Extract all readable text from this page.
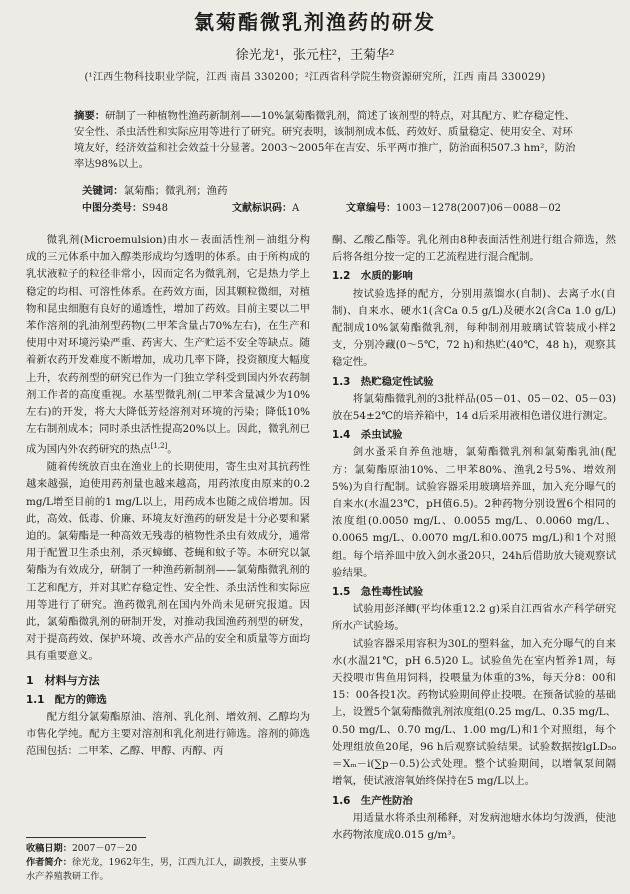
氯菊酯微乳剂渔药的研发

徐光龙¹，张元柱²，王菊华²

(¹江西生物科技职业学院，江西 南昌 330200；²江西省科学院生物资源研究所，江西 南昌 330029)

摘要：研制了一种植物性渔药新制剂——10%氯菊酯微乳剂，简述了该剂型的特点，对其配方、贮存稳定性、安全性、杀虫活性和实际应用等进行了研究。研究表明，该制剂成本低、药效好、质量稳定、使用安全、对环境友好，经济效益和社会效益十分显著。2003～2005年在吉安、乐平两市推广，防治面积507.3 hm²，防治率达98%以上。

关键词：氯菊酯；微乳剂；渔药

中图分类号：S948	文献标识码：A	文章编号：1003－1278(2007)06－0088－02

微乳剂(Microemulsion)由水－表面活性剂－油组分构成的三元体系中加入醇类形成均匀透明的体系。由于所构成的乳状液粒子的粒径非常小，因而定名为微乳剂，它是热力学上稳定的均相、可溶性体系。在药效方面，因其颗粒微细，对植物和昆虫细胞有良好的通透性，增加了药效。目前主要以二甲苯作溶剂的乳油剂型药物(二甲苯含量占70%左右)，在生产和使用中对环境污染严重、药害大、生产贮运不安全等缺点。随着新农药开发难度不断增加，成功几率下降，投资额度大幅度上升，农药剂型的研究已作为一门独立学科受到国内外农药制剂工作者的高度重视。水基型微乳剂(二甲苯含量减少为10%左右)的开发，将大大降低芳烃溶剂对环境的污染；降低10%左右制剂成本；同时杀虫活性提高20%以上。因此，微乳剂已成为国内外农药研究的热点[1,2]。

随着传统放百虫在渔业上的长期使用，寄生虫对其抗药性越来越强，迫使用药剂量也越来越高，用药浓度由原来的0.2 mg/L增至目前的1 mg/L以上，用药成本也随之成倍增加。因此，高效、低毒、价廉、环境友好渔药的研发是十分必要和紧迫的。氯菊酯是一种高效无残毒的植物性杀虫有效成分，通常用于配置卫生杀虫剂，杀灭蟑螂、苍蝇和蚊子等。本研究以氯菊酯为有效成分，研制了一种渔药新制剂——氯菊酯微乳剂的工艺和配方，并对其贮存稳定性、安全性、杀虫活性和实际应用等进行了研究。渔药微乳剂在国内外尚未见研究报道。因此，氯菊酯微乳剂的研制开发，对推动我国渔药剂型的研发，对于提高药效、保护环境、改善水产品的安全和质量等方面均具有重要意义。

1　材料与方法
1.1　配方的筛选

配方组分氯菊酯原油、溶剂、乳化剂、增效剂、乙醇均为市售化学纯。配方主要对溶剂和乳化剂进行筛选。溶剂的筛选范围包括：二甲苯、乙醇、甲醇、丙醇、丙

酮、乙酸乙酯等。乳化剂由8种表面活性剂进行组合筛选，然后将各组分按一定的工艺流程进行混合配制。

1.2　水质的影响

按试验选择的配方，分别用蒸馏水(自制)、去离子水(自制)、自来水、硬水1(含Ca 0.5 g/L)及硬水2(含Ca 1.0 g/L)配制成10%氯菊酯微乳剂，每种制剂用玻璃试管装成小样2支，分别冷藏(0～5℃，72 h)和热贮(40℃，48 h)，观察其稳定性。

1.3　热贮稳定性试验

将氯菊酯微乳剂的3批样品(05－01、05－02、05－03)放在54±2℃的培养箱中，14 d后采用液相色谱仪进行测定。

1.4　杀虫试验

剑水蚤采自养鱼池塘，氯菊酯微乳剂和氯菊酯乳油(配方：氯菊酯原油10%、二甲苯80%、渔乳2号5%、增效剂5%)为自行配制。试验容器采用玻璃培养皿，加入充分曝气的自来水(水温23℃，pH值6.5)。2种药物分别设置6个相同的浓度组(0.0050 mg/L、0.0055 mg/L、0.0060 mg/L、0.0065 mg/L、0.0070 mg/L和0.0075 mg/L)和1个对照组。每个培养皿中放入剑水蚤20只，24h后借助放大镜观察试验结果。

1.5　急性毒性试验

试验用彭泽鲫(平均体重12.2 g)采自江西省水产科学研究所水产试验场。

试验容器采用容积为30L的塑料盆，加入充分曝气的自来水(水温21℃，pH 6.5)20 L。试验鱼先在室内暂养1周，每天投喂市售鱼用饲料，投喂量为体重的3%，每天分8：00和15：00各投1次。药物试验期间停止投喂。在预备试验的基础上，设置5个氯菊酯微乳剂浓度组(0.25 mg/L、0.35 mg/L、0.50 mg/L、0.70 mg/L、1.00 mg/L)和1个对照组，每个处理组放鱼20尾，96 h后观察试验结果。试验数据按lgLD₅₀＝Xₘ－i(∑p－0.5)公式处理。整个试验期间，以增氧泵间隔增氧，使试液溶氧始终保持在5 mg/L以上。

1.6　生产性防治

用适量水将杀虫剂稀释，对发病池塘水体均匀泼洒，使池水药物浓度成0.015 g/m³。

收稿日期：2007－07－20
作者简介：徐光龙，1962年生，男，江西九江人，副教授，主要从事水产养殖教研工作。
